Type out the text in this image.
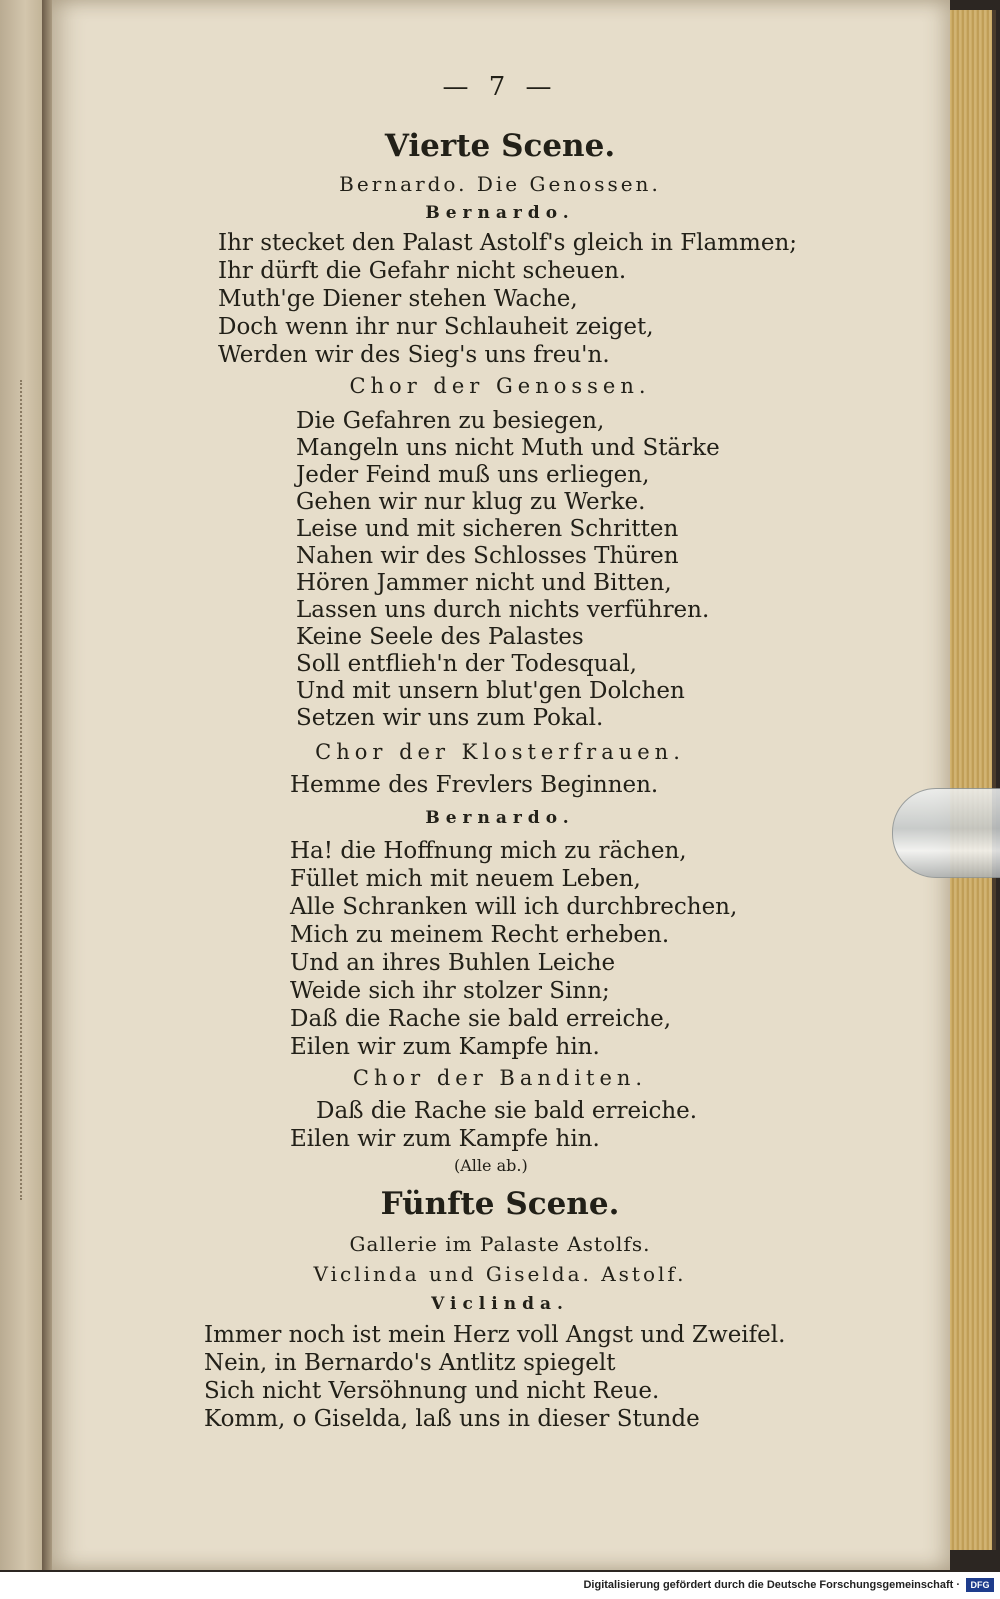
— 7 —
Vierte Scene.
Bernardo. Die Genossen.
Bernardo.
Ihr stecket den Palast Astolf's gleich in Flammen;
Ihr dürft die Gefahr nicht scheuen.
Muth'ge Diener stehen Wache,
Doch wenn ihr nur Schlauheit zeiget,
Werden wir des Sieg's uns freu'n.
Chor der Genossen.
Die Gefahren zu besiegen,
Mangeln uns nicht Muth und Stärke
Jeder Feind muß uns erliegen,
Gehen wir nur klug zu Werke.
Leise und mit sicheren Schritten
Nahen wir des Schlosses Thüren
Hören Jammer nicht und Bitten,
Lassen uns durch nichts verführen.
Keine Seele des Palastes
Soll entflieh'n der Todesqual,
Und mit unsern blut'gen Dolchen
Setzen wir uns zum Pokal.
Chor der Klosterfrauen.
Hemme des Frevlers Beginnen.
Bernardo.
Ha! die Hoffnung mich zu rächen,
Füllet mich mit neuem Leben,
Alle Schranken will ich durchbrechen,
Mich zu meinem Recht erheben.
Und an ihres Buhlen Leiche
Weide sich ihr stolzer Sinn;
Daß die Rache sie bald erreiche,
Eilen wir zum Kampfe hin.
Chor der Banditen.
Daß die Rache sie bald erreiche.
Eilen wir zum Kampfe hin.
(Alle ab.)
Fünfte Scene.
Gallerie im Palaste Astolfs.
Viclinda und Giselda. Astolf.
Viclinda.
Immer noch ist mein Herz voll Angst und Zweifel.
Nein, in Bernardo's Antlitz spiegelt
Sich nicht Versöhnung und nicht Reue.
Komm, o Giselda, laß uns in dieser Stunde
Digitalisierung gefördert durch die Deutsche Forschungsgemeinschaft ·	DFG
